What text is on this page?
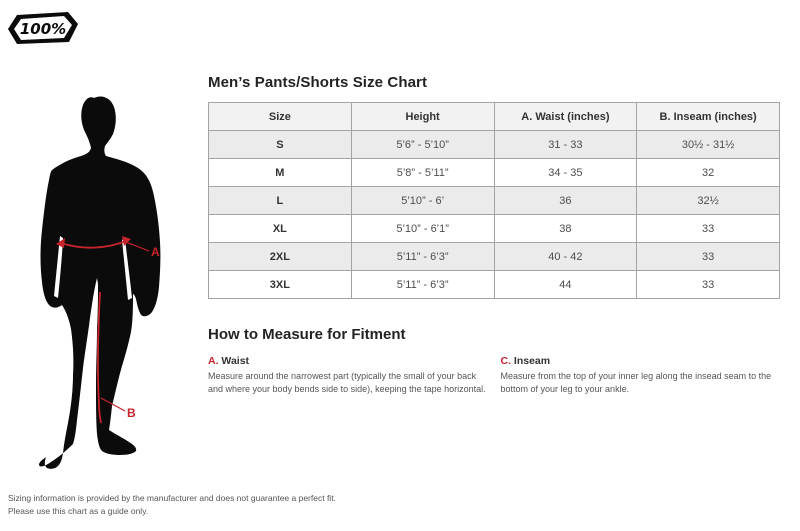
100%
A
B
Men’s Pants/Shorts Size Chart
Size	Height	A. Waist (inches)	B. Inseam (inches)
S	5’6” - 5’10”	31 - 33	30½ - 31½
M	5’8” - 5’11”	34 - 35	32
L	5’10” - 6’	36	32½
XL	5’10” - 6’1”	38	33
2XL	5’11” - 6’3”	40 - 42	33
3XL	5’11” - 6’3”	44	33
How to Measure for Fitment
A. Waist
Measure around the narrowest part (typically the small of your back and where your body bends side to side), keeping the tape horizontal.
C. Inseam
Measure from the top of your inner leg along the insead seam to the bottom of your leg to your ankle.
Sizing information is provided by the manufacturer and does not guarantee a perfect fit.
Please use this chart as a guide only.
